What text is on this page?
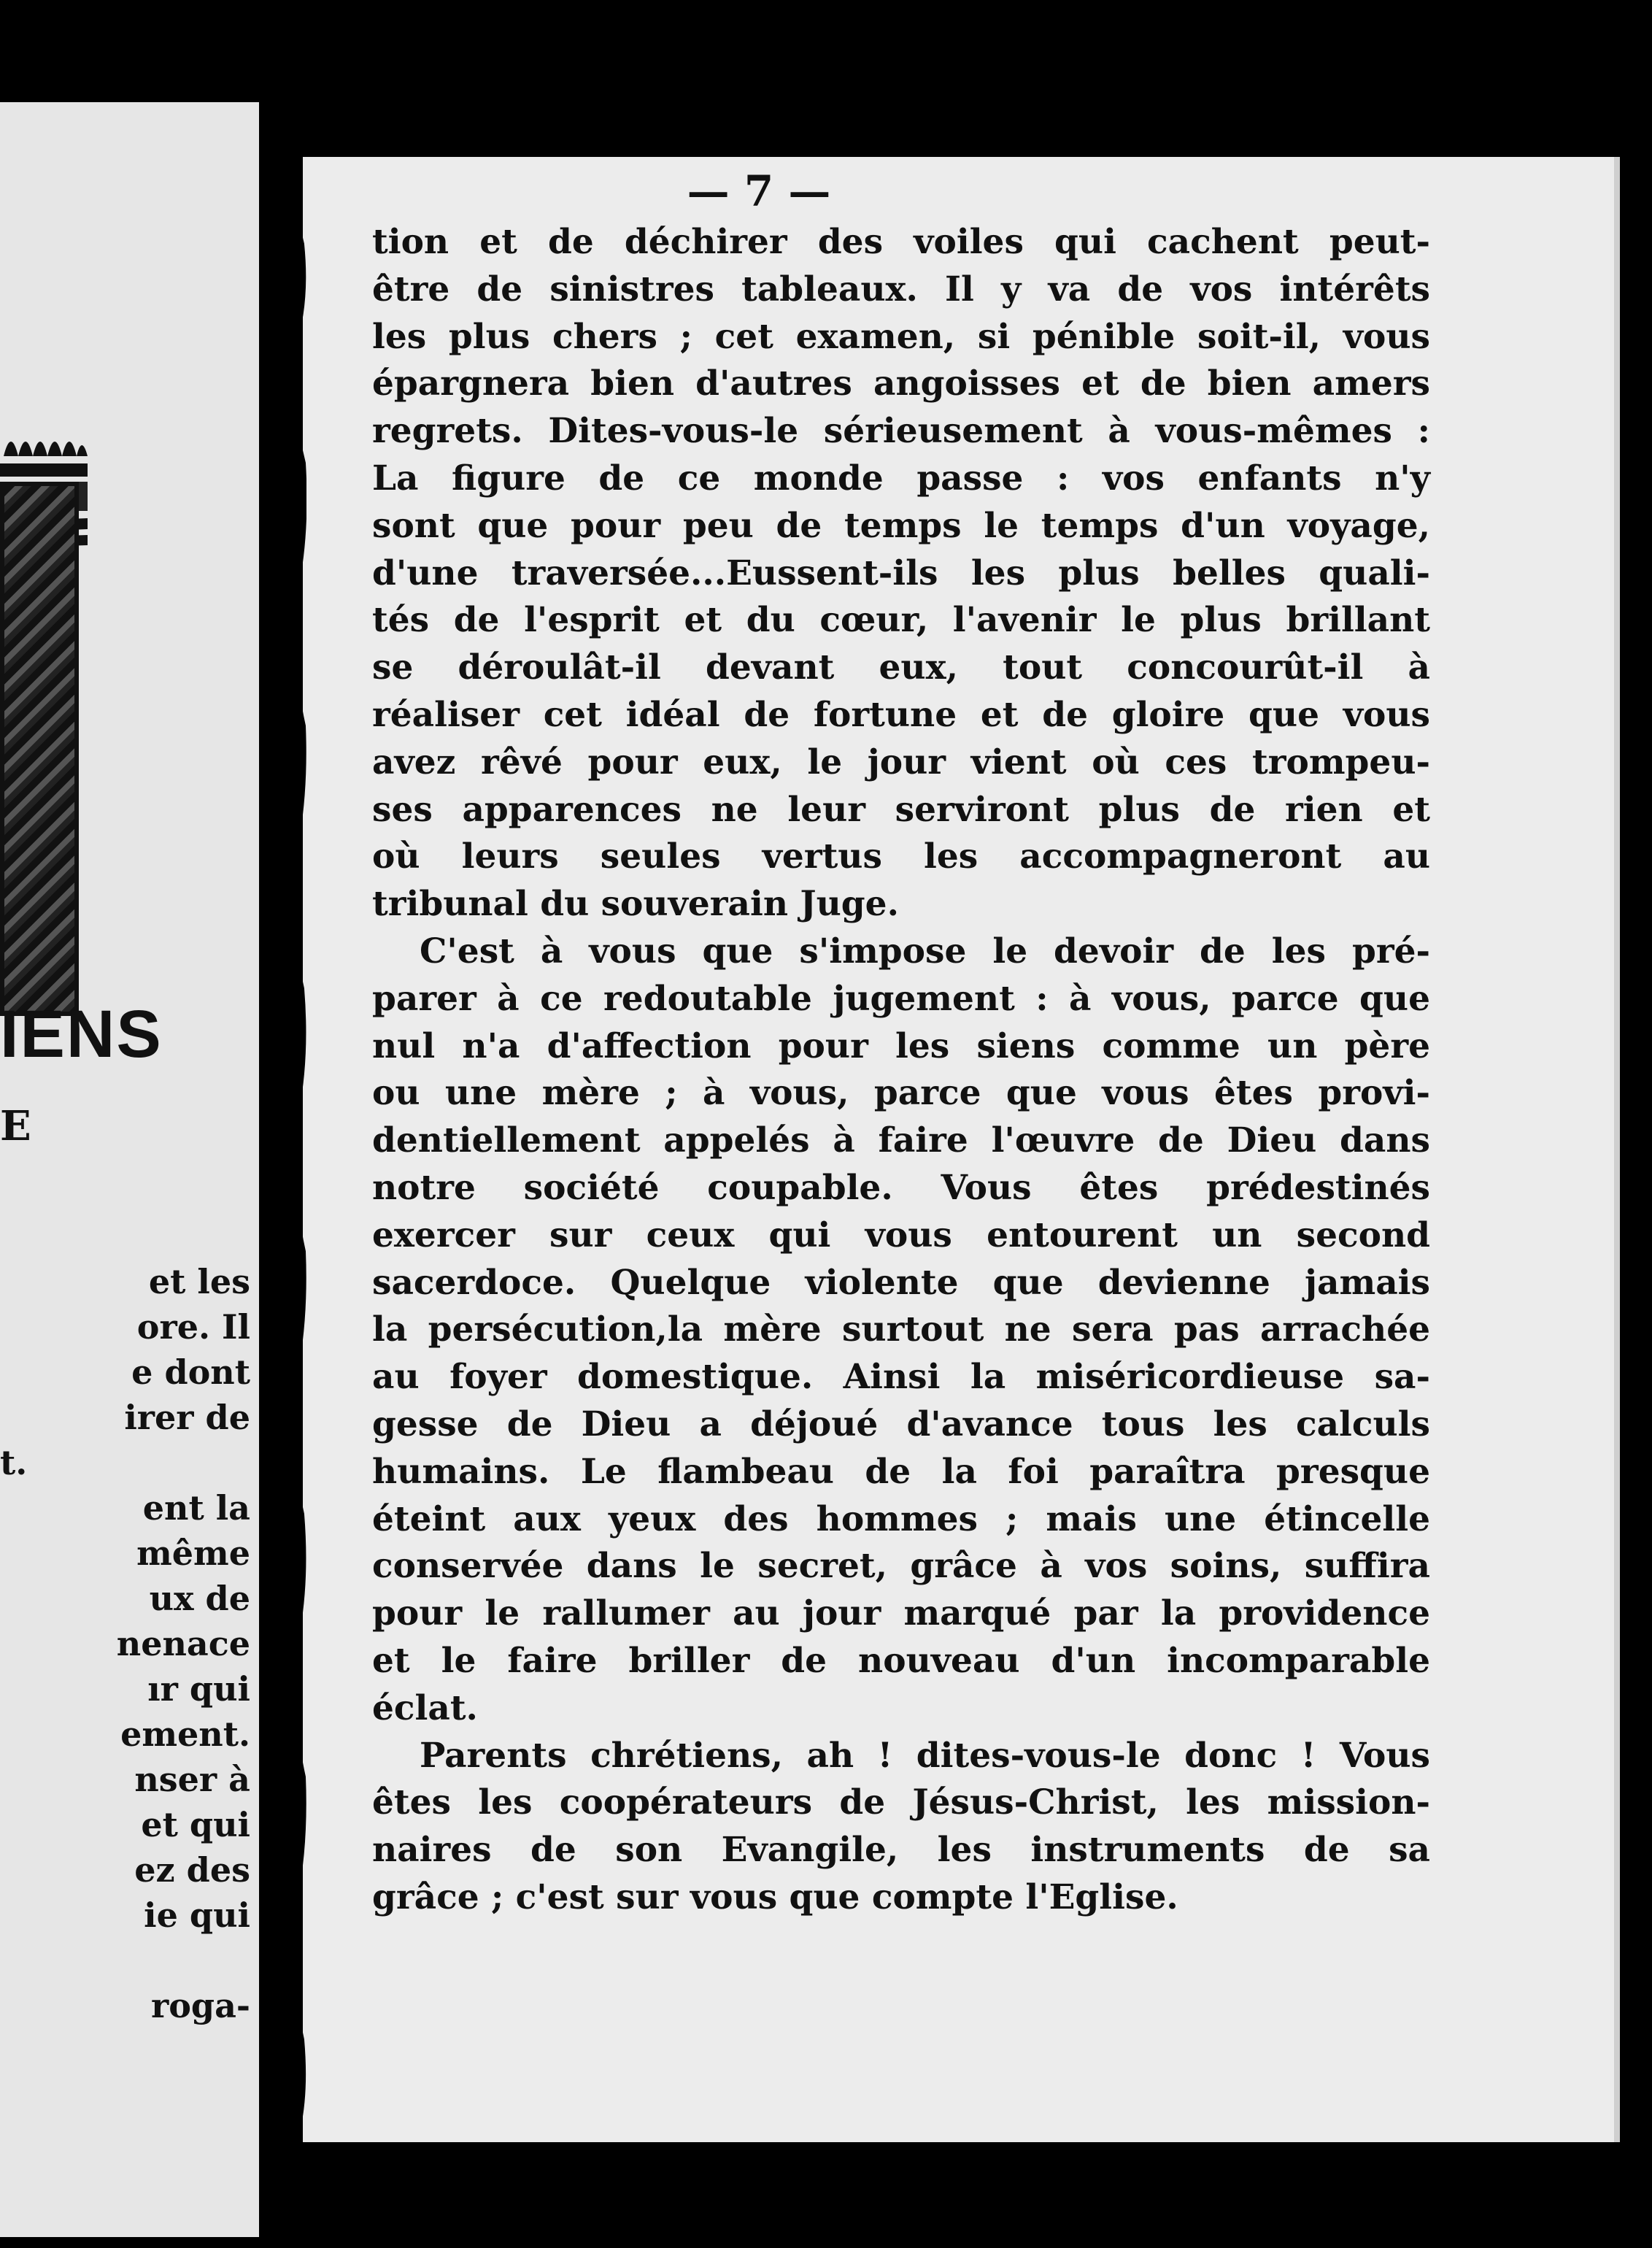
IENS
E
et les
ore. Il
e dont
irer de
t.
ent la
même
ux de
nenace
ır qui
ement.
nser à
et qui
ez des
ie qui
roga-
— 7 —
tion et de déchirer des voiles qui cachent peut-
être de sinistres tableaux. Il y va de vos intérêts
les plus chers ; cet examen, si pénible soit-il, vous
épargnera bien d'autres angoisses et de bien amers
regrets. Dites-vous-le sérieusement à vous-mêmes :
La figure de ce monde passe : vos enfants n'y
sont que pour peu de temps le temps d'un voyage,
d'une traversée...Eussent-ils les plus belles quali-
tés de l'esprit et du cœur, l'avenir le plus brillant
se déroulât-il devant eux, tout concourût-il à
réaliser cet idéal de fortune et de gloire que vous
avez rêvé pour eux, le jour vient où ces trompeu-
ses apparences ne leur serviront plus de rien et
où leurs seules vertus les accompagneront au
tribunal du souverain Juge.
C'est à vous que s'impose le devoir de les pré-
parer à ce redoutable jugement : à vous, parce que
nul n'a d'affection pour les siens comme un père
ou une mère ; à vous, parce que vous êtes provi-
dentiellement appelés à faire l'œuvre de Dieu dans
notre société coupable. Vous êtes prédestinés
exercer sur ceux qui vous entourent un second
sacerdoce. Quelque violente que devienne jamais
la persécution,la mère surtout ne sera pas arrachée
au foyer domestique. Ainsi la miséricordieuse sa-
gesse de Dieu a déjoué d'avance tous les calculs
humains. Le flambeau de la foi paraîtra presque
éteint aux yeux des hommes ; mais une étincelle
conservée dans le secret, grâce à vos soins, suffira
pour le rallumer au jour marqué par la providence
et le faire briller de nouveau d'un incomparable
éclat.
Parents chrétiens, ah ! dites-vous-le donc ! Vous
êtes les coopérateurs de Jésus-Christ, les mission-
naires de son Evangile, les instruments de sa
grâce ; c'est sur vous que compte l'Eglise.
